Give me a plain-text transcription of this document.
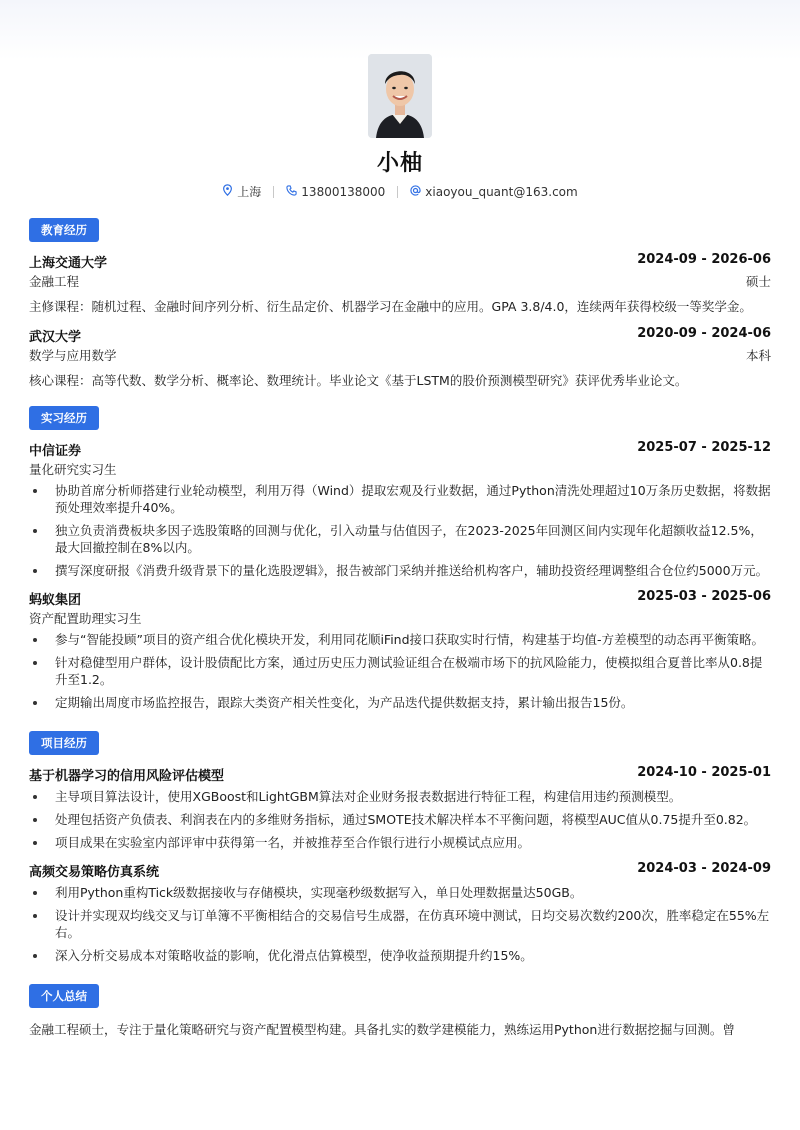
小柚
上海	13800138000	xiaoyou_quant@163.com
教育经历
上海交通大学	2024-09 - 2026-06
金融工程	硕士
主修课程：随机过程、金融时间序列分析、衍生品定价、机器学习在金融中的应用。GPA 3.8/4.0，连续两年获得校级一等奖学金。
武汉大学	2020-09 - 2024-06
数学与应用数学	本科
核心课程：高等代数、数学分析、概率论、数理统计。毕业论文《基于LSTM的股价预测模型研究》获评优秀毕业论文。
实习经历
中信证券	2025-07 - 2025-12
量化研究实习生
协助首席分析师搭建行业轮动模型，利用万得（Wind）提取宏观及行业数据，通过Python清洗处理超过10万条历史数据，将数据预处理效率提升40%。
独立负责消费板块多因子选股策略的回测与优化，引入动量与估值因子，在2023-2025年回测区间内实现年化超额收益12.5%，最大回撤控制在8%以内。
撰写深度研报《消费升级背景下的量化选股逻辑》，报告被部门采纳并推送给机构客户，辅助投资经理调整组合仓位约5000万元。
蚂蚁集团	2025-03 - 2025-06
资产配置助理实习生
参与“智能投顾”项目的资产组合优化模块开发，利用同花顺iFind接口获取实时行情，构建基于均值-方差模型的动态再平衡策略。
针对稳健型用户群体，设计股债配比方案，通过历史压力测试验证组合在极端市场下的抗风险能力，使模拟组合夏普比率从0.8提升至1.2。
定期输出周度市场监控报告，跟踪大类资产相关性变化，为产品迭代提供数据支持，累计输出报告15份。
项目经历
基于机器学习的信用风险评估模型	2024-10 - 2025-01
主导项目算法设计，使用XGBoost和LightGBM算法对企业财务报表数据进行特征工程，构建信用违约预测模型。
处理包括资产负债表、利润表在内的多维财务指标，通过SMOTE技术解决样本不平衡问题，将模型AUC值从0.75提升至0.82。
项目成果在实验室内部评审中获得第一名，并被推荐至合作银行进行小规模试点应用。
高频交易策略仿真系统	2024-03 - 2024-09
利用Python重构Tick级数据接收与存储模块，实现毫秒级数据写入，单日处理数据量达50GB。
设计并实现双均线交叉与订单簿不平衡相结合的交易信号生成器，在仿真环境中测试，日均交易次数约200次，胜率稳定在55%左右。
深入分析交易成本对策略收益的影响，优化滑点估算模型，使净收益预期提升约15%。
个人总结
金融工程硕士，专注于量化策略研究与资产配置模型构建。具备扎实的数学建模能力，熟练运用Python进行数据挖掘与回测。曾
